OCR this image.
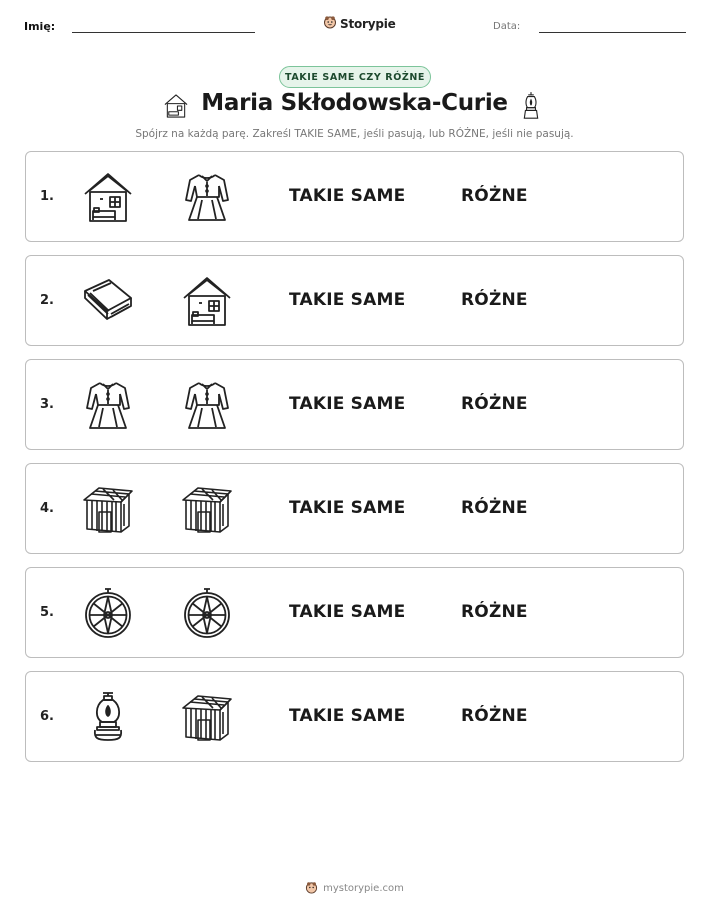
Imię:	Storypie	Data:
TAKIE SAME CZY RÓŻNE
Maria Skłodowska-Curie
Spójrz na każdą parę. Zakreśl TAKIE SAME, jeśli pasują, lub RÓŻNE, jeśli nie pasują.
1.	TAKIE SAME	RÓŻNE
2.	TAKIE SAME	RÓŻNE
3.	TAKIE SAME	RÓŻNE
4.	TAKIE SAME	RÓŻNE
5.	TAKIE SAME	RÓŻNE
6.	TAKIE SAME	RÓŻNE
mystorypie.com
